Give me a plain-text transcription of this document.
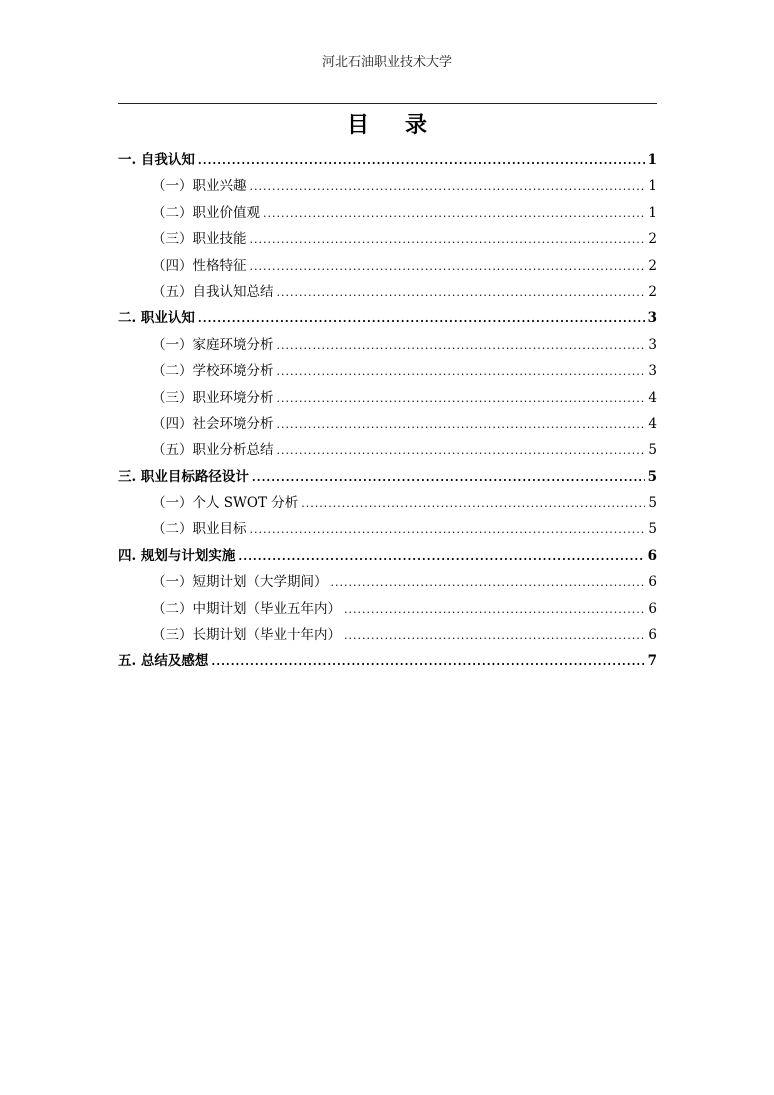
河北石油职业技术大学
目录
一. 自我认知 .....	1
（一）职业兴趣 .....	1
（二）职业价值观 .....	1
（三）职业技能 .....	2
（四）性格特征 .....	2
（五）自我认知总结 .....	2
二. 职业认知 .....	3
（一）家庭环境分析 .....	3
（二）学校环境分析 .....	3
（三）职业环境分析 .....	4
（四）社会环境分析 .....	4
（五）职业分析总结 .....	5
三. 职业目标路径设计 .....	5
（一）个人 SWOT 分析 .....	5
（二）职业目标 .....	5
四. 规划与计划实施 .....	6
（一）短期计划（大学期间） .....	6
（二）中期计划（毕业五年内） .....	6
（三）长期计划（毕业十年内） .....	6
五. 总结及感想 .....	7
